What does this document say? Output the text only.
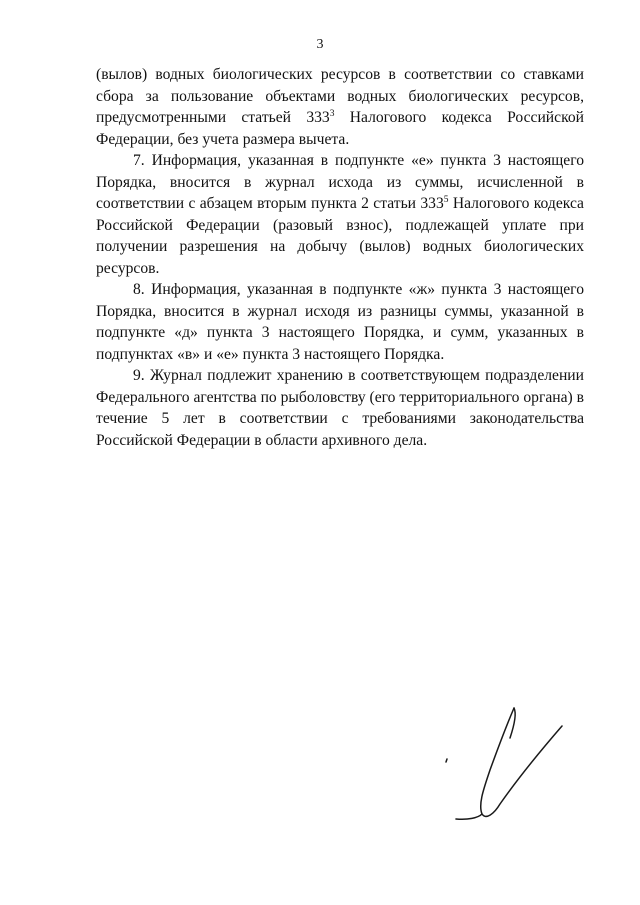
3

(вылов) водных биологических ресурсов в соответствии со ставками сбора за пользование объектами водных биологических ресурсов, предусмотренными статьей $333^3$ Налогового кодекса Российской Федерации, без учета размера вычета.

7. Информация, указанная в подпункте «е» пункта 3 настоящего Порядка, вносится в журнал исхода из суммы, исчисленной в соответствии с абзацем вторым пункта 2 статьи $333^5$ Налогового кодекса Российской Федерации (разовый взнос), подлежащей уплате при получении разрешения на добычу (вылов) водных биологических ресурсов.

8. Информация, указанная в подпункте «ж» пункта 3 настоящего Порядка, вносится в журнал исходя из разницы суммы, указанной в подпункте «д» пункта 3 настоящего Порядка, и сумм, указанных в подпунктах «в» и «е» пункта 3 настоящего Порядка.

9. Журнал подлежит хранению в соответствующем подразделении Федерального агентства по рыболовству (его территориального органа) в течение 5 лет в соответствии с требованиями законодательства Российской Федерации в области архивного дела.
